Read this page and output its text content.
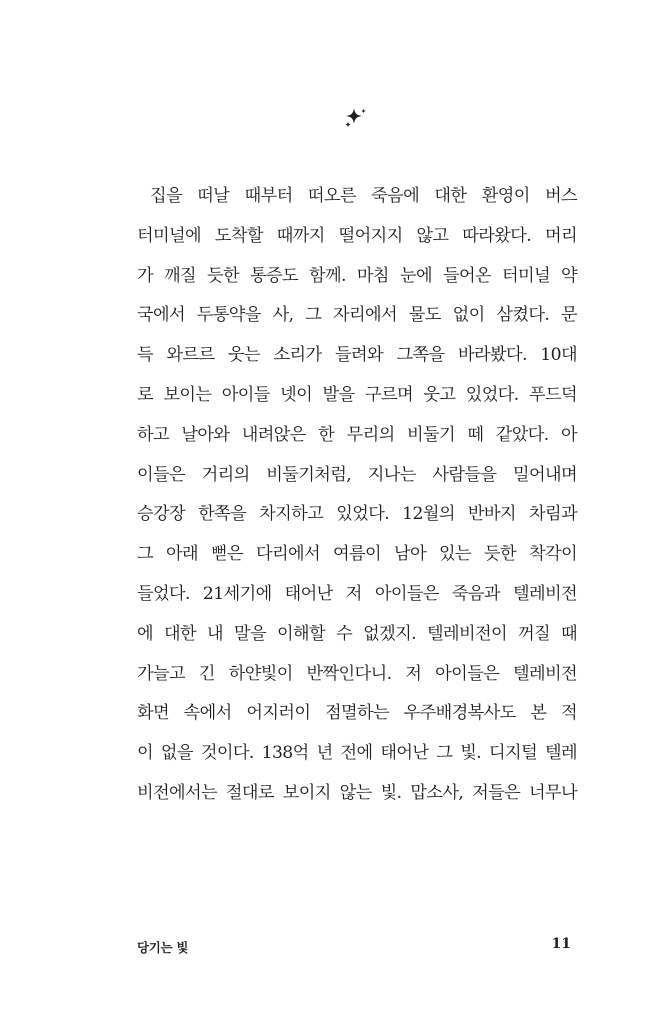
집을 떠날 때부터 떠오른 죽음에 대한 환영이 버스
터미널에 도착할 때까지 떨어지지 않고 따라왔다. 머리
가 깨질 듯한 통증도 함께. 마침 눈에 들어온 터미널 약
국에서 두통약을 사, 그 자리에서 물도 없이 삼켰다. 문
득 와르르 웃는 소리가 들려와 그쪽을 바라봤다. 10대
로 보이는 아이들 넷이 발을 구르며 웃고 있었다. 푸드덕
하고 날아와 내려앉은 한 무리의 비둘기 떼 같았다. 아
이들은 거리의 비둘기처럼, 지나는 사람들을 밀어내며
승강장 한쪽을 차지하고 있었다. 12월의 반바지 차림과
그 아래 뻗은 다리에서 여름이 남아 있는 듯한 착각이
들었다. 21세기에 태어난 저 아이들은 죽음과 텔레비전
에 대한 내 말을 이해할 수 없겠지. 텔레비전이 꺼질 때
가늘고 긴 하얀빛이 반짝인다니. 저 아이들은 텔레비전
화면 속에서 어지러이 점멸하는 우주배경복사도 본 적
이 없을 것이다. 138억 년 전에 태어난 그 빛. 디지털 텔레
비전에서는 절대로 보이지 않는 빛. 맙소사, 저들은 너무나
당기는 빛	11
